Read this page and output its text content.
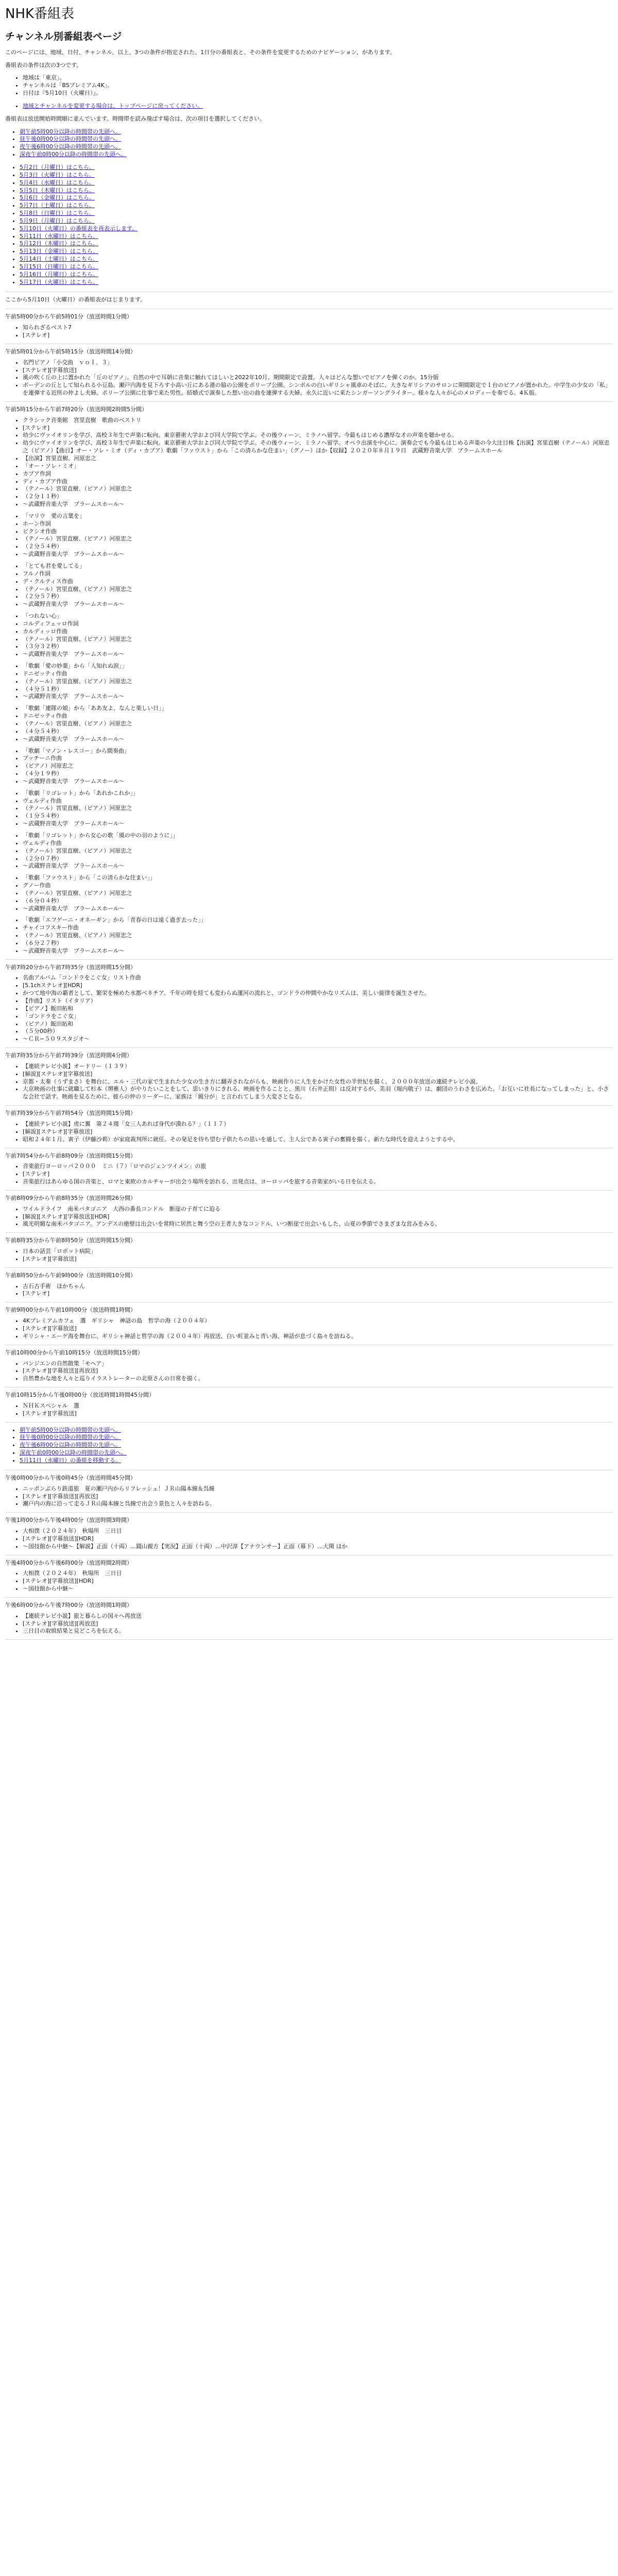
NHK番組表
チャンネル別番組表ページ

このページには、地域、日付、チャンネル、以上、3つの条件が指定された、1日分の番組表と、その条件を変更するためのナビゲーション、があります。

番組表の条件は次の3つです。

• 地域は「東京」。
• チャンネルは「BSプレミアム4K」。
• 日付は『5月10日（火曜日）』。
• 地域とチャンネルを変更する場合は、トップページに戻ってください。

番組表は放送開始時間順に並んでいます。時間帯を読み飛ばす場合は、次の項目を選択してください。

• 朝午前5時00分以降の時間帯の先頭へ。
• 昼午後0時00分以降の時間帯の先頭へ。
• 夜午後6時00分以降の時間帯の先頭へ。
• 深夜午前0時00分以降の時間帯の先頭へ。
• 5月2日（月曜日）はこちら。
• 5月3日（火曜日）はこちら。
• 5月4日（水曜日）はこちら。
• 5月5日（木曜日）はこちら。
• 5月6日（金曜日）はこちら。
• 5月7日（土曜日）はこちら。
• 5月8日（日曜日）はこちら。
• 5月9日（月曜日）はこちら。
• 5月10日（火曜日）の番組表を再表示します。
• 5月11日（水曜日）はこちら。
• 5月12日（木曜日）はこちら。
• 5月13日（金曜日）はこちら。
• 5月14日（土曜日）はこちら。
• 5月15日（日曜日）はこちら。
• 5月16日（月曜日）はこちら。
• 5月17日（火曜日）はこちら。

ここから5月10日（火曜日）の番組表がはじまります。

午前5時00分から午前5時01分（放送時間1分間）

• 知られざるベスト7
• [ステレオ]

午前5時01分から午前5時15分（放送時間14分間）

• 名門ピアノ「小交曲　ｖｏｌ．３」
• [ステレオ][字幕放送]
• 風の吹く丘の上に置かれた「丘のピアノ」。自然の中で耳朝に音楽に触れてほしいと2022年10月、期間限定で設置。人々はどんな想いでピアノを弾くのか。15分版
• ボーデンの丘として知られる小豆島。瀬戸内海を見下ろす小高い丘にある港の脇の公園をポリーブ公園。シンボルの白いギリシャ風車のそばに、大きなギリシアのサロンに期間限定で１台のピアノが置かれた。中学生の少女の「私」を連弾する近所の仲よし夫婦。ポリーブ公園に仕事で来た男性。結婚式で演奏した想い出の曲を連弾する夫婦。永久に近いに来たシンガーソングライター。様々な人々が心のメロディーを奏でる。4Ｋ版。

午前5時15分から午前7時20分（放送時間2時間5分間）

• クラシック音楽館　宮里直樹　歌曲のベストリ
• [ステレオ]
• 幼少にヴァイオリンを学び、高校３年生で声楽に転向。東京藝術大学および同大学院で学ぶ。その後ウィーン、ミラノへ留学。今最もはじめる濃厚な才の声楽を聴かせる。
• 幼少にヴァイオリンを学び、高校３年生で声楽に転向。東京藝術大学および同大学院で学ぶ。その後ウィーン、ミラノへ留学。オペラ出演を中心に、演奏会でも今最もはじめる声楽の今大注目株【出演】宮里直樹（テノール）河原忠之（ピアノ）【曲目】オー・ソレ・ミオ（ディ・カプア）歌劇「ファウスト」から「この清らかな住まい」（グノー）ほか【収録】２０２０年８月１９日　武蔵野音楽大学　ブラームスホール
• 【出演】宮里直樹、河原忠之
• 「オー・ソレ・ミオ」
• カプア作詞
• ディ・カプア作曲
• （テノール）宮里直樹、（ピアノ）河原忠之
• （２分１１秒）
• 〜武蔵野音楽大学　ブラームスホール〜
• 「マリウ　愛の言葉を」
• ホーン作詞
• ビクシオ作曲
• （テノール）宮里直樹、（ピアノ）河原忠之
• （２分５４秒）
• 〜武蔵野音楽大学　ブラームスホール〜
• 「とても君を愛してる」
• フルノ作詞
• デ・クルティス作曲
• （テノール）宮里直樹、（ピアノ）河原忠之
• （２分５７秒）
• 〜武蔵野音楽大学　ブラームスホール〜
• 「つれない心」
• コルディフェッロ作詞
• カルディッロ作曲
• （テノール）宮里直樹、（ピアノ）河原忠之
• （３分３２秒）
• 〜武蔵野音楽大学　ブラームスホール〜
• 「歌劇「愛の妙薬」から「人知れぬ涙」」
• ドニゼッティ作曲
• （テノール）宮里直樹、（ピアノ）河原忠之
• （４分５１秒）
• 〜武蔵野音楽大学　ブラームスホール〜
• 「歌劇「連隊の娘」から「ああ友よ、なんと楽しい日」」
• ドニゼッティ作曲
• （テノール）宮里直樹、（ピアノ）河原忠之
• （４分５４秒）
• 〜武蔵野音楽大学　ブラームスホール〜
• 「歌劇「マノン・レスコー」から間奏曲」
• プッチーニ作曲
• （ピアノ）河原忠之
• （４分１９秒）
• 〜武蔵野音楽大学　ブラームスホール〜
• 「歌劇「リゴレット」から「あれかこれか」」
• ヴェルディ作曲
• （テノール）宮里直樹、（ピアノ）河原忠之
• （１分５４秒）
• 〜武蔵野音楽大学　ブラームスホール〜
• 「歌劇「リゴレット」から女心の歌「風の中の羽のように」」
• ヴェルディ作曲
• （テノール）宮里直樹、（ピアノ）河原忠之
• （２分０７秒）
• 〜武蔵野音楽大学　ブラームスホール〜
• 「歌劇「ファウスト」から「この清らかな住まい」」
• グノー作曲
• （テノール）宮里直樹、（ピアノ）河原忠之
• （６分０４秒）
• 〜武蔵野音楽大学　ブラームスホール〜
• 「歌劇「エフゲーニ・オネーギン」から「青春の日は遠く過ぎ去った」」
• チャイコフスキー作曲
• （テノール）宮里直樹、（ピアノ）河原忠之
• （６分２７秒）
• 〜武蔵野音楽大学　ブラームスホール〜

午前7時20分から午前7時35分（放送時間15分間）

• 名曲アルバム「コンドラをこぐ女」リスト作曲
• [5.1chステレオ][HDR]
• かつて地中海の覇者として、繁栄を極めた水都ベネチア。千年の時を経ても変わらぬ運河の流れと、ゴンドラの仲間やかなリズムは、美しい旋律を誕生させた。
• 【作曲】リスト（イタリア）
• 【ピアノ】飯田拓和
• 「ゴンドラをこぐ女」
• （ピアノ）飯田拓和
• （５分00秒）
• 〜ＣＲ−５０９スタジオ〜

午前7時35分から午前7時39分（放送時間4分間）

• 【連続テレビ小説】オードリー（１３９）
• [解説][ステレオ][字幕放送]
• 京都・太秦（うずまさ）を舞台に、エル・三代の家で生まれた少女の生き方に翻弄されながらも、映画作りに人生をかけた女性の半世紀を描く。２０００年放送の連続テレビ小説。
• 大京映画の仕事に就職して杉本（堺雅人）がやりたいことをして、思いきりにきれる。映画を作ることと、黒川（石井正則）は反対するが、美羽（堀内敬子）は、劇団のうわさを広めた。「お互いに社長になってしまった」と、小さな会社で話す。映画を見るために、彼らの仲のリーダーに、家族は「親分が」と言われてしまう大変さとなる。

午前7時39分から午前7時54分（放送時間15分間）

• 【連続テレビ小説】虎に翼　第２４週「女三人あれば身代が潰れる？」（１１７）
• [解説][ステレオ][字幕放送]
• 昭和２４年１月、寅子（伊藤沙莉）が家庭裁判所に就任。その発足を待ち望む子供たちの思いを通して、主人公である寅子の奮闘を描く。新たな時代を迎えようとする中。

午前7時54分から午前8時09分（放送時間15分間）

• 音楽旅行ヨーロッパ２０００　ミニ（７）「ロマのジェンツイメン」の旅
• [ステレオ]
• 音楽旅行はあらゆる国の音楽と、ロマと東欧のカルチャーが出会う場所を訪れる、出発点は、ヨーロッパを旅する音楽家がいる日を伝える。

午前8時09分から午前8時35分（放送時間26分間）

• ワイルドライフ　南米パタゴニア　大西の番長コンドル　断崖の子育てに迫る
• [解説][ステレオ][字幕放送][HDR]
• 風光明媚な南米パタゴニア。アンデスの絶壁は出会いを常時に居然と舞う空の王者大きなコンドル、いつ断崖で出会いもした、山夏の季節でさまざまな営みをみる。

午前8時35分から午前8時50分（放送時間15分間）

• 日本の話芸「ロボット病院」
• [ステレオ][字幕放送]

午前8時50分から午前9時00分（放送時間10分間）

• 古石古手術　ほかちゃん
• [ステレオ]

午前9時00分から午前10時00分（放送時間1時間）

• 4Kプレミアムカフェ　選　ギリシャ　神話の島　哲学の海（２００４年）
• [ステレオ][字幕放送]
• ギリシャ・エーゲ海を舞台に、ギリシャ神話と哲学の海（２００４年）再放送、白い町並みと青い海、神話が息づく島々を訪ねる。

午前10時00分から午前10時15分（放送時間15分間）

• パンジエンの自然散策「モヘア」
• [ステレオ][字幕放送][再放送]
• 自然豊かな地を人々と巡りイラストレーターの北原さんの日常を描く。

午前10時15分から午後0時00分（放送時間1時間45分間）

• ＮＨＫスペシャル　選
• [ステレオ][字幕放送]
• 朝午前5時00分以降の時間帯の先頭へ。
• 昼午後0時00分以降の時間帯の先頭へ。
• 夜午後6時00分以降の時間帯の先頭へ。
• 深夜午前0時00分以降の時間帯の先頭へ。
• 5月11日（水曜日）の番組を移動する。

午後0時00分から午後0時45分（放送時間45分間）

• ニッポンぶらり鉄道旅　夏の瀬戸内からリフレッシュ！ＪＲ山陽本線＆呉線
• [ステレオ][字幕放送][再放送]
• 瀬戸内の海に沿って走るＪＲ山陽本線と呉線で出会う景色と人々を訪ねる。

午後1時00分から午後4時00分（放送時間3時間）

• 大相撲（２０２４年）　秋場所　三日目
• [ステレオ][字幕放送][HDR]
• 〜国技館から中継〜【解説】正面（十両）…錣山親方【実況】正面（十両）…中沢淳【アナウンサー】正面（幕下）…大関 ほか

午後4時00分から午後6時00分（放送時間2時間）

• 大相撲（２０２４年）　秋場所　三日目
• [ステレオ][字幕放送][HDR]
• 〜国技館から中継〜

午後6時00分から午後7時00分（放送時間1時間）

• 【連続テレビ小説】旅と暮らしの国々へ再放送
• [ステレオ][字幕放送][再放送]
• 三日目の取組結果と見どころを伝える。
